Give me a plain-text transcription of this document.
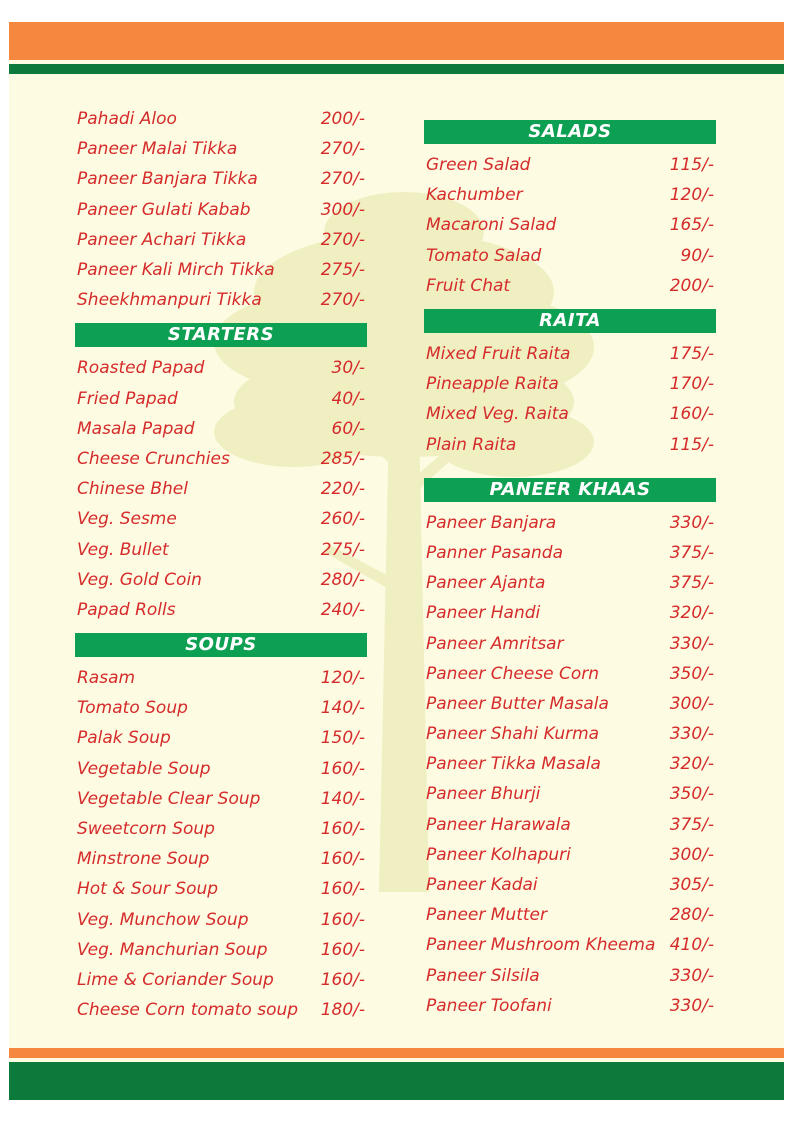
Pahadi Aloo	200/-
Paneer Malai Tikka	270/-
Paneer Banjara Tikka	270/-
Paneer Gulati Kabab	300/-
Paneer Achari Tikka	270/-
Paneer Kali Mirch Tikka	275/-
Sheekhmanpuri Tikka	270/-
STARTERS
Roasted Papad	30/-
Fried Papad	40/-
Masala Papad	60/-
Cheese Crunchies	285/-
Chinese Bhel	220/-
Veg. Sesme	260/-
Veg. Bullet	275/-
Veg. Gold Coin	280/-
Papad Rolls	240/-
SOUPS
Rasam	120/-
Tomato Soup	140/-
Palak Soup	150/-
Vegetable Soup	160/-
Vegetable Clear Soup	140/-
Sweetcorn Soup	160/-
Minstrone Soup	160/-
Hot & Sour Soup	160/-
Veg. Munchow Soup	160/-
Veg. Manchurian Soup	160/-
Lime & Coriander Soup	160/-
Cheese Corn tomato soup 180/-
SALADS
Green Salad	115/-
Kachumber	120/-
Macaroni Salad	165/-
Tomato Salad	90/-
Fruit Chat	200/-
RAITA
Mixed Fruit Raita	175/-
Pineapple Raita	170/-
Mixed Veg. Raita	160/-
Plain Raita	115/-
PANEER KHAAS
Paneer Banjara	330/-
Panner Pasanda	375/-
Paneer Ajanta	375/-
Paneer Handi	320/-
Paneer Amritsar	330/-
Paneer Cheese Corn	350/-
Paneer Butter Masala	300/-
Paneer Shahi Kurma	330/-
Paneer Tikka Masala	320/-
Paneer Bhurji	350/-
Paneer Harawala	375/-
Paneer Kolhapuri	300/-
Paneer Kadai	305/-
Paneer Mutter	280/-
Paneer Mushroom Kheema 410/-
Paneer Silsila	330/-
Paneer Toofani	330/-
